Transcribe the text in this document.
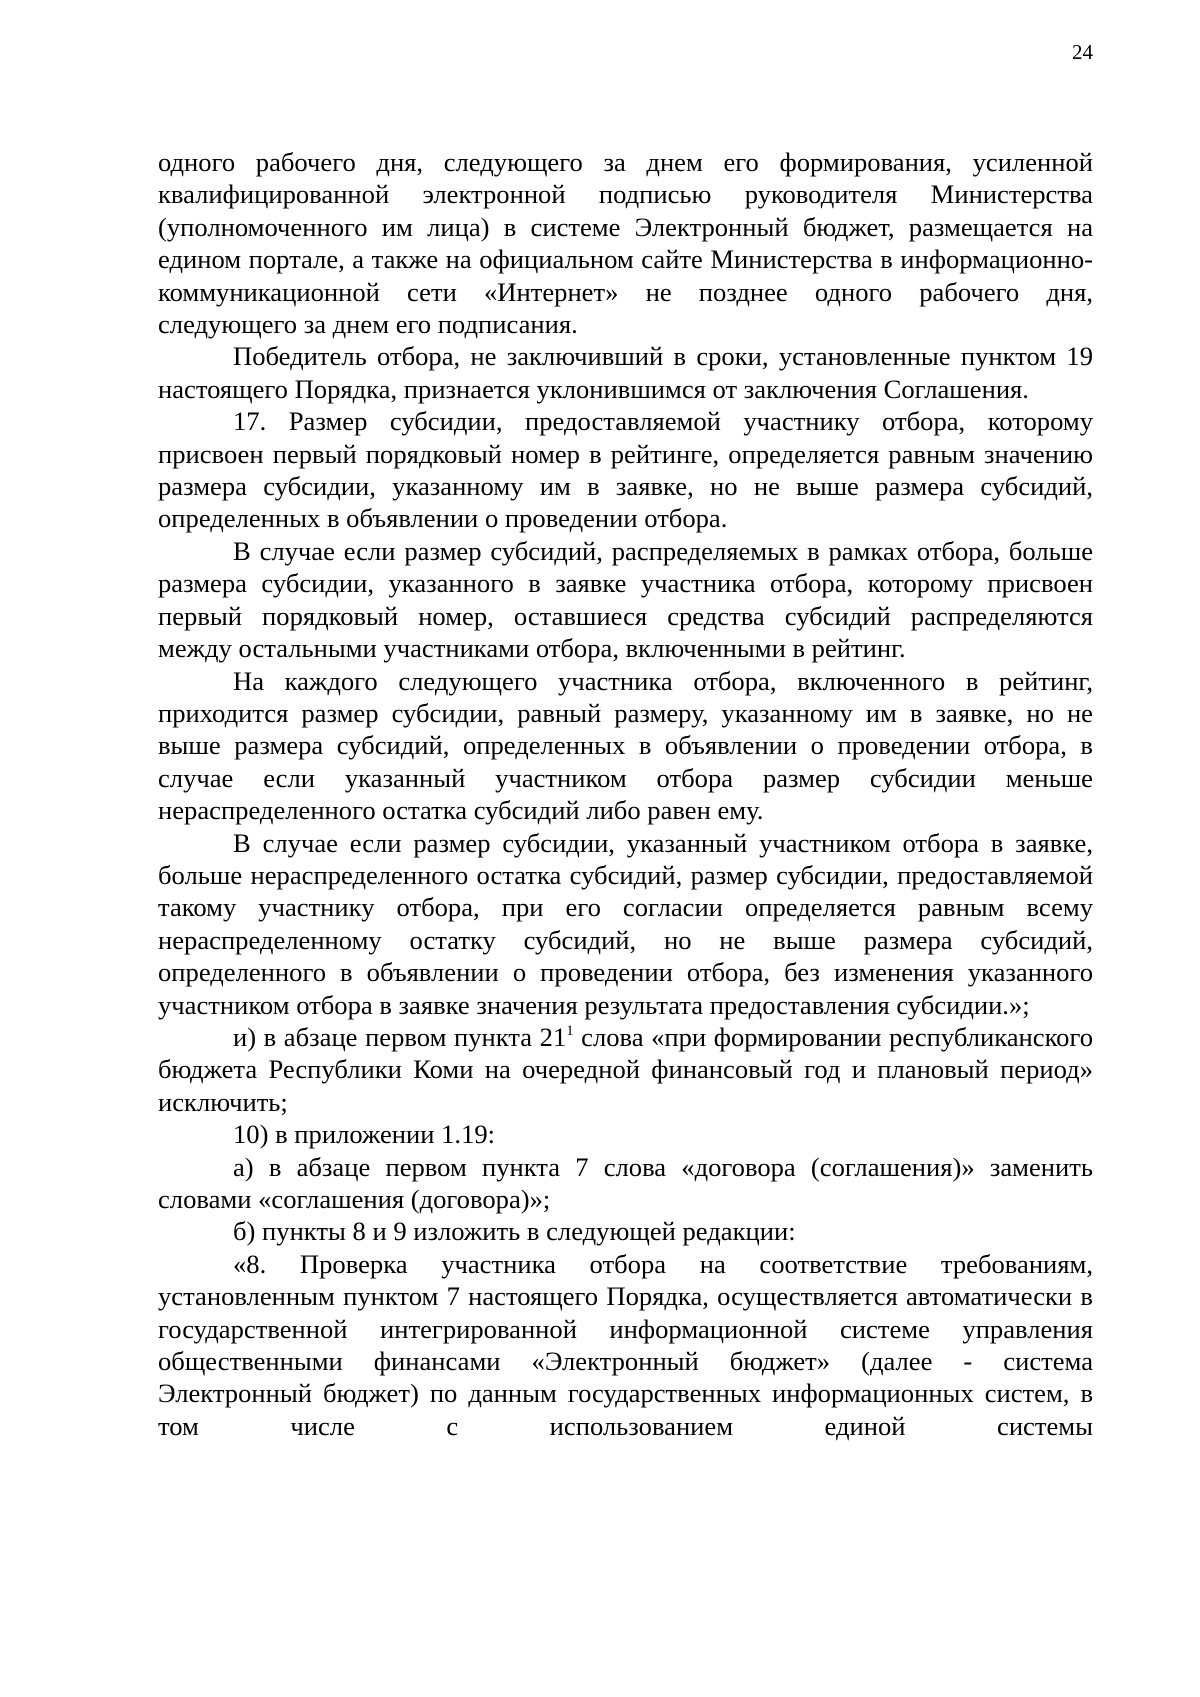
24

одного рабочего дня, следующего за днем его формирования, усиленной квалифицированной электронной подписью руководителя Министерства (уполномоченного им лица) в системе Электронный бюджет, размещается на едином портале, а также на официальном сайте Министерства в информационно-коммуникационной сети «Интернет» не позднее одного рабочего дня, следующего за днем его подписания.

Победитель отбора, не заключивший в сроки, установленные пунктом 19 настоящего Порядка, признается уклонившимся от заключения Соглашения.

17. Размер субсидии, предоставляемой участнику отбора, которому присвоен первый порядковый номер в рейтинге, определяется равным значению размера субсидии, указанному им в заявке, но не выше размера субсидий, определенных в объявлении о проведении отбора.

В случае если размер субсидий, распределяемых в рамках отбора, больше размера субсидии, указанного в заявке участника отбора, которому присвоен первый порядковый номер, оставшиеся средства субсидий распределяются между остальными участниками отбора, включенными в рейтинг.

На каждого следующего участника отбора, включенного в рейтинг, приходится размер субсидии, равный размеру, указанному им в заявке, но не выше размера субсидий, определенных в объявлении о проведении отбора, в случае если указанный участником отбора размер субсидии меньше нераспределенного остатка субсидий либо равен ему.

В случае если размер субсидии, указанный участником отбора в заявке, больше нераспределенного остатка субсидий, размер субсидии, предоставляемой такому участнику отбора, при его согласии определяется равным всему нераспределенному остатку субсидий, но не выше размера субсидий, определенного в объявлении о проведении отбора, без изменения указанного участником отбора в заявке значения результата предоставления субсидии.»;

и) в абзаце первом пункта $21^1$ слова «при формировании республиканского бюджета Республики Коми на очередной финансовый год и плановый период» исключить;

10) в приложении 1.19:

а) в абзаце первом пункта 7 слова «договора (соглашения)» заменить словами «соглашения (договора)»;

б) пункты 8 и 9 изложить в следующей редакции:

«8. Проверка участника отбора на соответствие требованиям, установленным пунктом 7 настоящего Порядка, осуществляется автоматически в государственной интегрированной информационной системе управления общественными финансами «Электронный бюджет» (далее - система Электронный бюджет) по данным государственных информационных систем, в том числе с использованием единой системы
